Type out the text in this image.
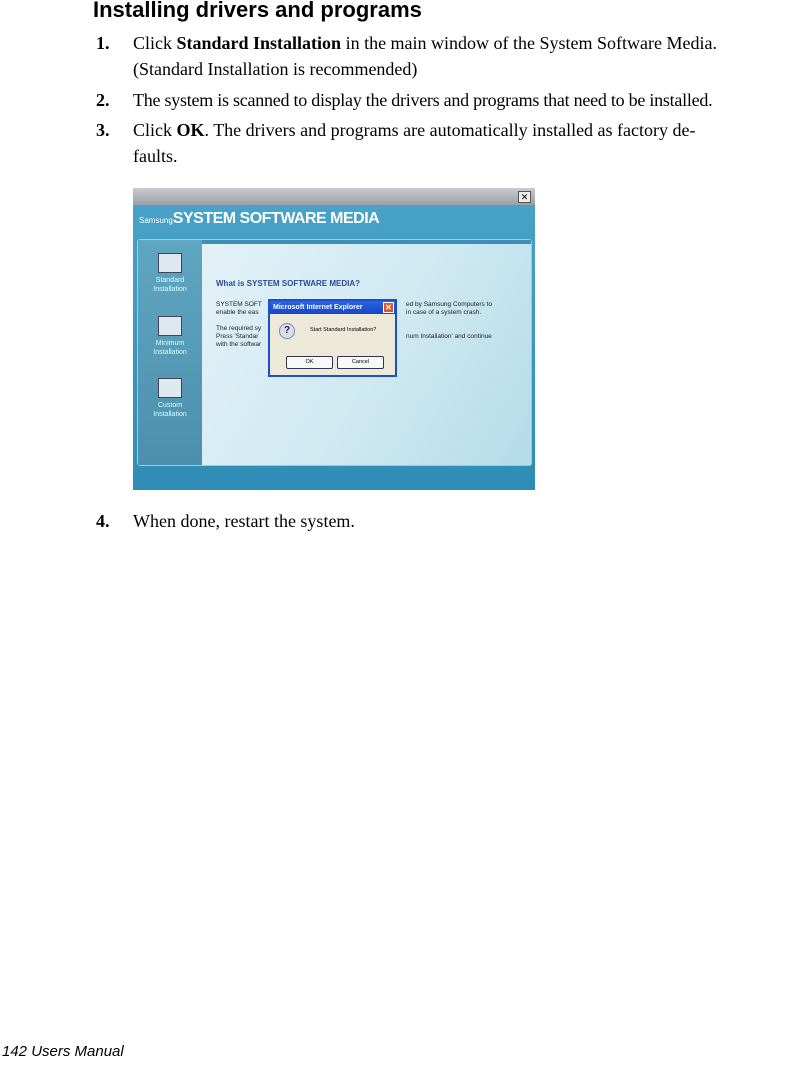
Installing drivers and programs
1. Click Standard Installation in the main window of the System Software Media.
(Standard Installation is recommended)
2. The system is scanned to display the drivers and programs that need to be installed.
3. Click OK. The drivers and programs are automatically installed as factory de-
faults.
✕
SamsungSYSTEM SOFTWARE MEDIA
Standard
Installation
Minimum
Installation
Custom
Installation
What is SYSTEM SOFTWARE MEDIA?
SYSTEM SOFT
enable the eas
The required sy
Press 'Standar
with the softwar
ed by Samsung Computers to
in case of a system crash.
num Installation' and continue
Microsoft Internet Explorer	✕
?	Start Standard Installation?
OK	Cancel
4. When done, restart the system.
142 Users Manual
